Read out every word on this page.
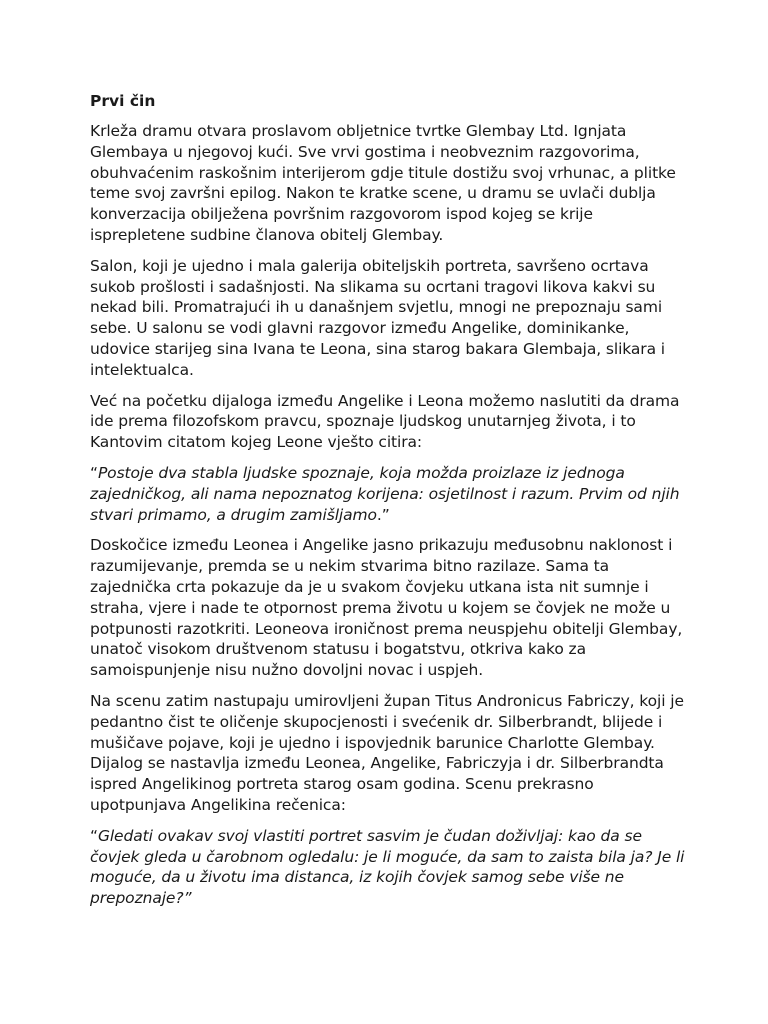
Prvi čin

Krleža dramu otvara proslavom obljetnice tvrtke Glembay Ltd. Ignjata Glembaya u njegovoj kući. Sve vrvi gostima i neobveznim razgovorima, obuhvaćenim raskošnim interijerom gdje titule dostižu svoj vrhunac, a plitke teme svoj završni epilog. Nakon te kratke scene, u dramu se uvlači dublja konverzacija obilježena površnim razgovorom ispod kojeg se krije isprepletene sudbine članova obitelj Glembay.

Salon, koji je ujedno i mala galerija obiteljskih portreta, savršeno ocrtava sukob prošlosti i sadašnjosti. Na slikama su ocrtani tragovi likova kakvi su nekad bili. Promatrajući ih u današnjem svjetlu, mnogi ne prepoznaju sami sebe. U salonu se vodi glavni razgovor između Angelike, dominikanke, udovice starijeg sina Ivana te Leona, sina starog bakara Glembaja, slikara i intelektualca.

Već na početku dijaloga između Angelike i Leona možemo naslutiti da drama ide prema filozofskom pravcu, spoznaje ljudskog unutarnjeg života, i to Kantovim citatom kojeg Leone vješto citira:

“Postoje dva stabla ljudske spoznaje, koja možda proizlaze iz jednoga zajedničkog, ali nama nepoznatog korijena: osjetilnost i razum. Prvim od njih stvari primamo, a drugim zamišljamo.”

Doskočice između Leonea i Angelike jasno prikazuju međusobnu naklonost i razumijevanje, premda se u nekim stvarima bitno razilaze. Sama ta zajednička crta pokazuje da je u svakom čovjeku utkana ista nit sumnje i straha, vjere i nade te otpornost prema životu u kojem se čovjek ne može u potpunosti razotkriti. Leoneova ironičnost prema neuspjehu obitelji Glembay, unatoč visokom društvenom statusu i bogatstvu, otkriva kako za samoispunjenje nisu nužno dovoljni novac i uspjeh.

Na scenu zatim nastupaju umirovljeni župan Titus Andronicus Fabriczy, koji je pedantno čist te oličenje skupocjenosti i svećenik dr. Silberbrandt, blijede i mušičave pojave, koji je ujedno i ispovjednik barunice Charlotte Glembay. Dijalog se nastavlja između Leonea, Angelike, Fabriczyja i dr. Silberbrandta ispred Angelikinog portreta starog osam godina. Scenu prekrasno upotpunjava Angelikina rečenica:

“Gledati ovakav svoj vlastiti portret sasvim je čudan doživljaj: kao da se čovjek gleda u čarobnom ogledalu: je li moguće, da sam to zaista bila ja? Je li moguće, da u životu ima distanca, iz kojih čovjek samog sebe više ne prepoznaje?”
